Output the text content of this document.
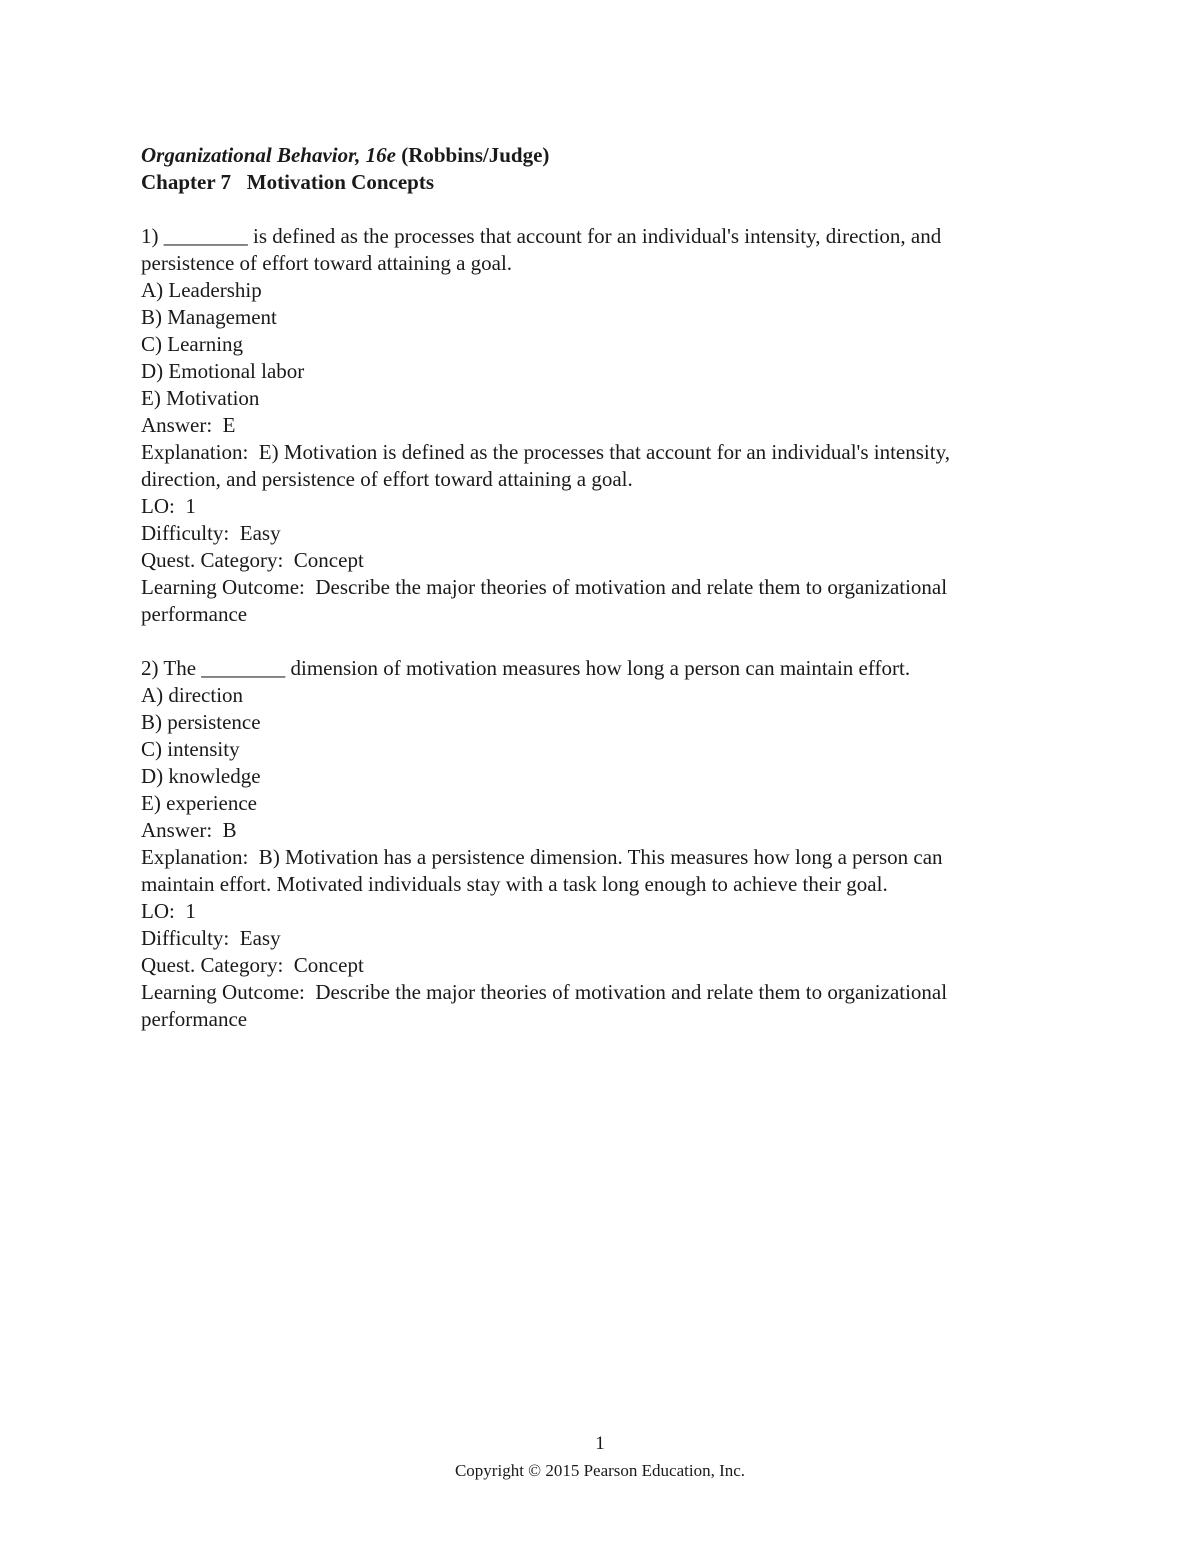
Organizational Behavior, 16e (Robbins/Judge)
Chapter 7   Motivation Concepts
1) ________ is defined as the processes that account for an individual's intensity, direction, and
persistence of effort toward attaining a goal.
A) Leadership
B) Management
C) Learning
D) Emotional labor
E) Motivation
Answer:  E
Explanation:  E) Motivation is defined as the processes that account for an individual's intensity,
direction, and persistence of effort toward attaining a goal.
LO:  1
Difficulty:  Easy
Quest. Category:  Concept
Learning Outcome:  Describe the major theories of motivation and relate them to organizational
performance
2) The ________ dimension of motivation measures how long a person can maintain effort.
A) direction
B) persistence
C) intensity
D) knowledge
E) experience
Answer:  B
Explanation:  B) Motivation has a persistence dimension. This measures how long a person can
maintain effort. Motivated individuals stay with a task long enough to achieve their goal.
LO:  1
Difficulty:  Easy
Quest. Category:  Concept
Learning Outcome:  Describe the major theories of motivation and relate them to organizational
performance
1
Copyright © 2015 Pearson Education, Inc.
